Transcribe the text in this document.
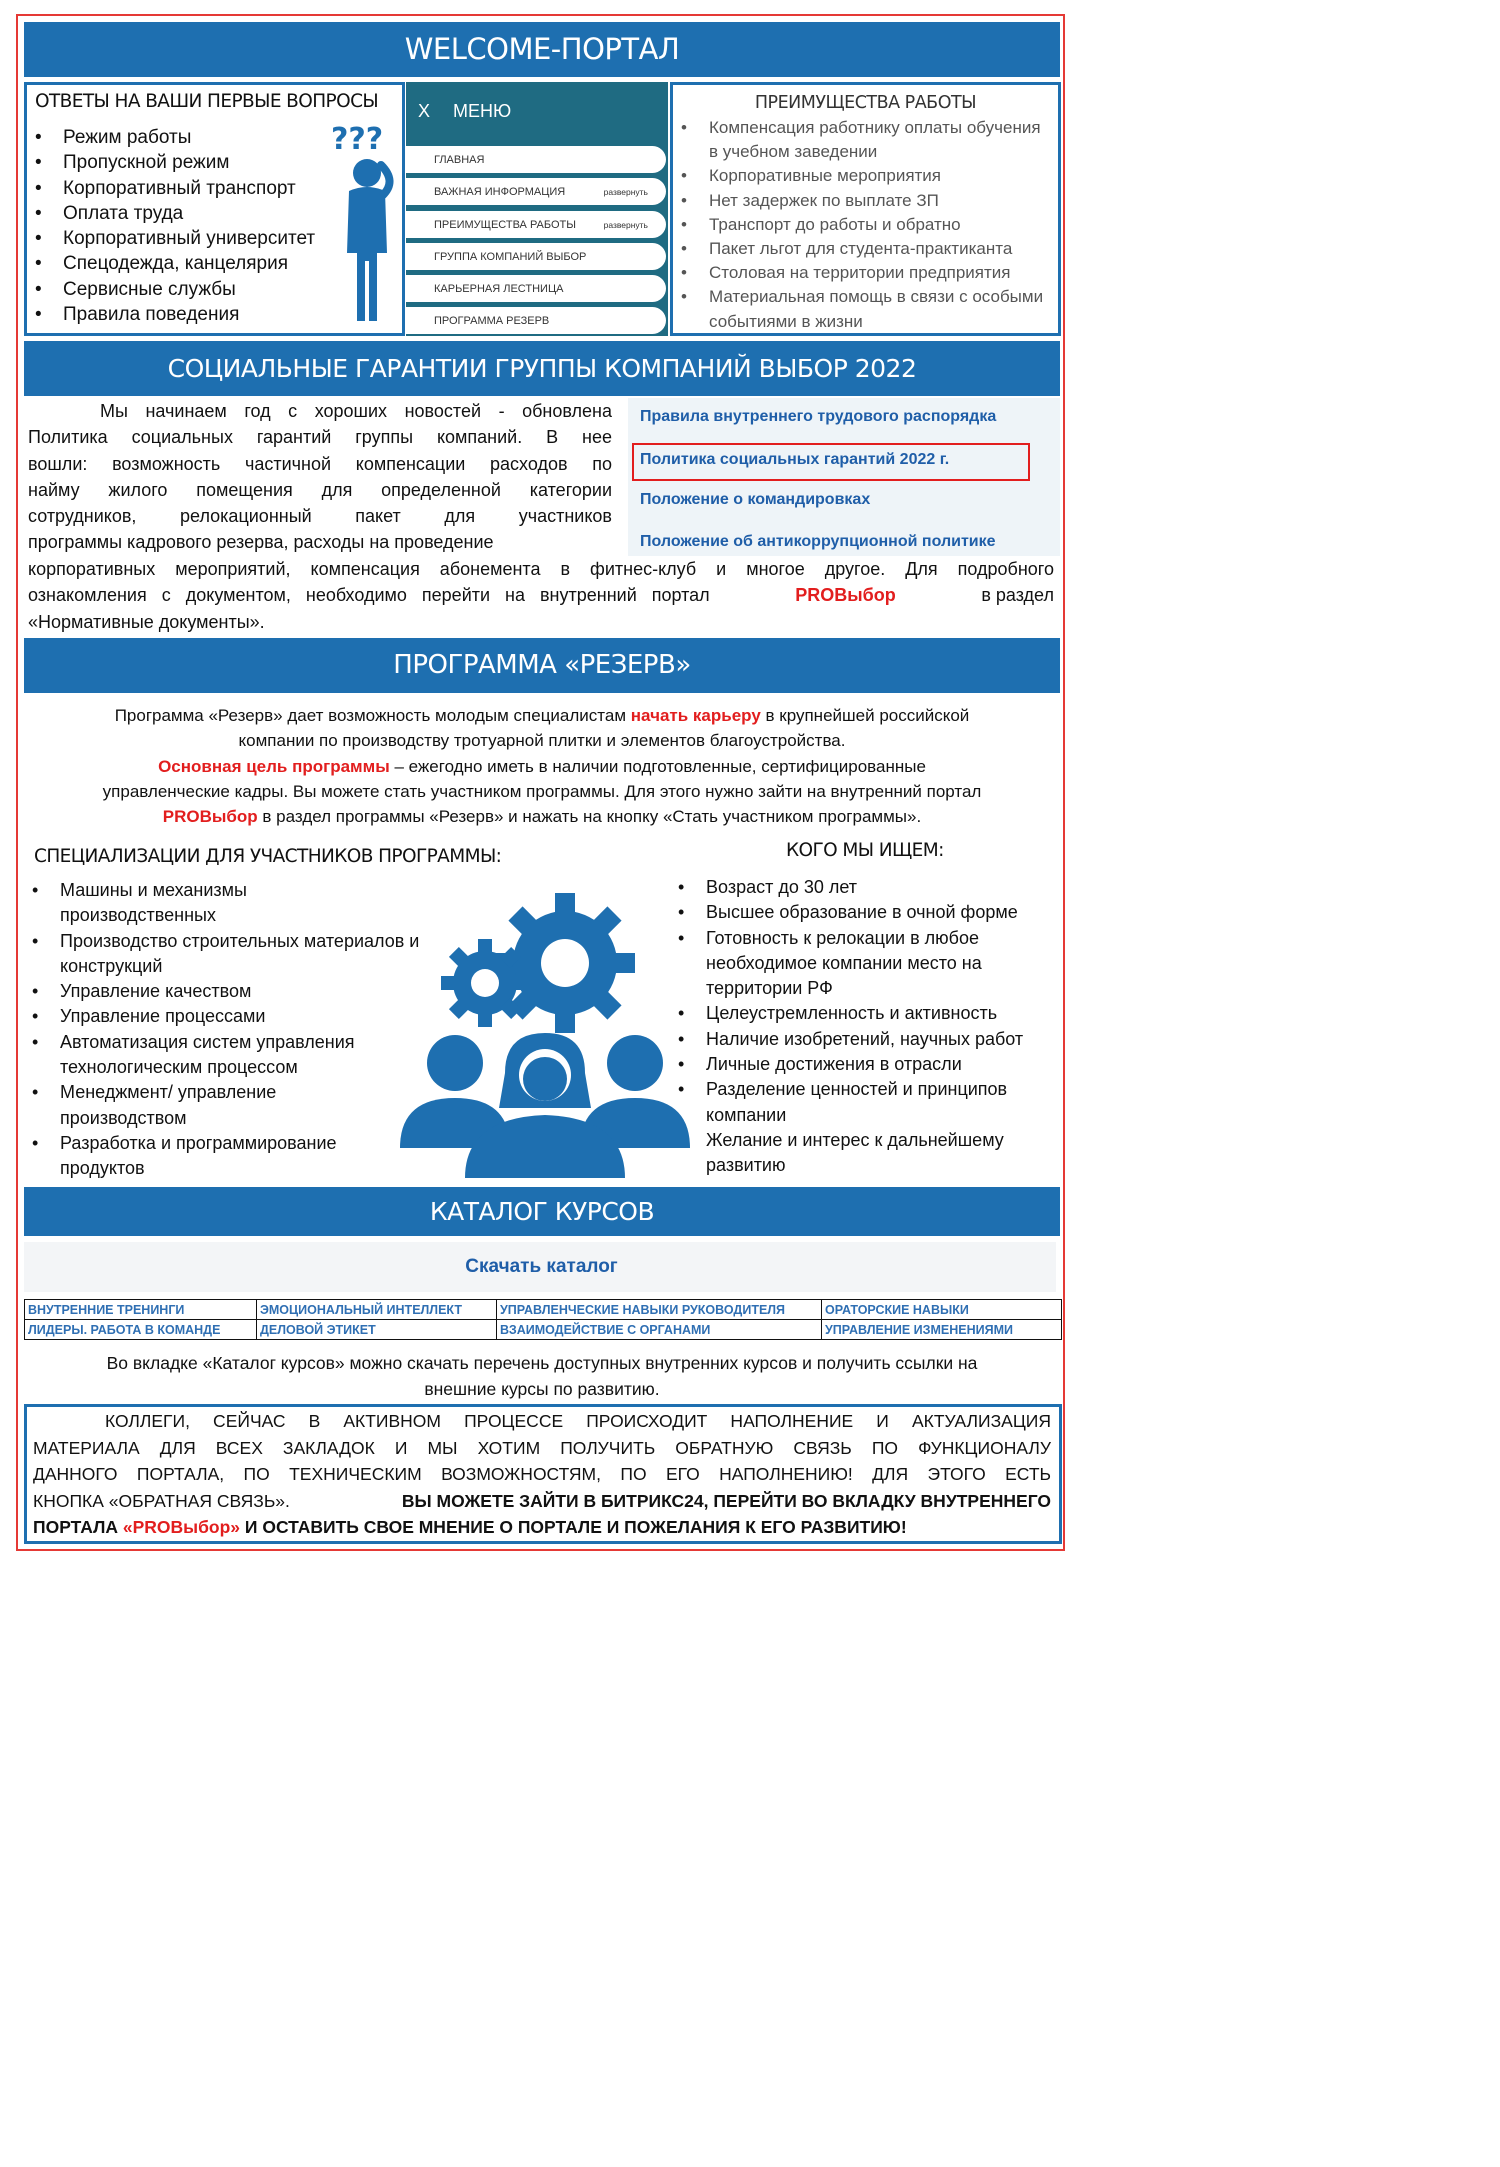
WELCOME-ПОРТАЛ
ОТВЕТЫ НА ВАШИ ПЕРВЫЕ ВОПРОСЫ
• Режим работы
• Пропускной режим
• Корпоративный транспорт
• Оплата труда
• Корпоративный университет
• Спецодежда, канцелярия
• Сервисные службы
• Правила поведения
???
X МЕНЮ
ГЛАВНАЯ
ВАЖНАЯ ИНФОРМАЦИЯ	развернуть
ПРЕИМУЩЕСТВА РАБОТЫ	развернуть
ГРУППА КОМПАНИЙ ВЫБОР
КАРЬЕРНАЯ ЛЕСТНИЦА
ПРОГРАММА РЕЗЕРВ
ПРЕИМУЩЕСТВА РАБОТЫ
• Компенсация работнику оплаты обучения в учебном заведении
• Корпоративные мероприятия
• Нет задержек по выплате ЗП
• Транспорт до работы и обратно
• Пакет льгот для студента-практиканта
• Столовая на территории предприятия
• Материальная помощь в связи с особыми событиями в жизни
СОЦИАЛЬНЫЕ ГАРАНТИИ ГРУППЫ КОМПАНИЙ ВЫБОР 2022
Мы начинаем год с хороших новостей - обновлена
Политика социальных гарантий группы компаний. В нее
вошли: возможность частичной компенсации расходов по
найму жилого помещения для определенной категории
сотрудников, релокационный пакет для участников
программы кадрового резерва, расходы на проведение
Правила внутреннего трудового распорядка
Политика социальных гарантий 2022 г.
Положение о командировках
Положение об антикоррупционной политике
корпоративных мероприятий, компенсация абонемента в фитнес-клуб и многое другое. Для подробного
ознакомления с документом, необходимо перейти на внутренний портал	PROВыбор	в раздел
«Нормативные документы».
ПРОГРАММА «РЕЗЕРВ»
Программа «Резерв» дает возможность молодым специалистам начать карьеру в крупнейшей российской
компании по производству тротуарной плитки и элементов благоустройства.
Основная цель программы – ежегодно иметь в наличии подготовленные, сертифицированные
управленческие кадры. Вы можете стать участником программы. Для этого нужно зайти на внутренний портал
PROВыбор в раздел программы «Резерв» и нажать на кнопку «Стать участником программы».
СПЕЦИАЛИЗАЦИИ ДЛЯ УЧАСТНИКОВ ПРОГРАММЫ:
• Машины и механизмы производственных
• Производство строительных материалов и конструкций
• Управление качеством
• Управление процессами
• Автоматизация систем управления технологическим процессом
• Менеджмент/ управление производством
• Разработка и программирование продуктов
КОГО МЫ ИЩЕМ:
• Возраст до 30 лет
• Высшее образование в очной форме
• Готовность к релокации в любое необходимое компании место на территории РФ
• Целеустремленность и активность
• Наличие изобретений, научных работ
• Личные достижения в отрасли
• Разделение ценностей и принципов компании
Желание и интерес к дальнейшему развитию
КАТАЛОГ КУРСОВ
Скачать каталог
ВНУТРЕННИЕ ТРЕНИНГИ	ЭМОЦИОНАЛЬНЫЙ ИНТЕЛЛЕКТ	УПРАВЛЕНЧЕСКИЕ НАВЫКИ РУКОВОДИТЕЛЯ	ОРАТОРСКИЕ НАВЫКИ
ЛИДЕРЫ. РАБОТА В КОМАНДЕ	ДЕЛОВОЙ ЭТИКЕТ	ВЗАИМОДЕЙСТВИЕ С ОРГАНАМИ	УПРАВЛЕНИЕ ИЗМЕНЕНИЯМИ
Во вкладке «Каталог курсов» можно скачать перечень доступных внутренних курсов и получить ссылки на
внешние курсы по развитию.
КОЛЛЕГИ, СЕЙЧАС В АКТИВНОМ ПРОЦЕССЕ ПРОИСХОДИТ НАПОЛНЕНИЕ И АКТУАЛИЗАЦИЯ
МАТЕРИАЛА ДЛЯ ВСЕХ ЗАКЛАДОК И МЫ ХОТИМ ПОЛУЧИТЬ ОБРАТНУЮ СВЯЗЬ ПО ФУНКЦИОНАЛУ
ДАННОГО ПОРТАЛА, ПО ТЕХНИЧЕСКИМ ВОЗМОЖНОСТЯМ, ПО ЕГО НАПОЛНЕНИЮ! ДЛЯ ЭТОГО ЕСТЬ
КНОПКА «ОБРАТНАЯ СВЯЗЬ».	ВЫ МОЖЕТЕ ЗАЙТИ В БИТРИКС24, ПЕРЕЙТИ ВО ВКЛАДКУ ВНУТРЕННЕГО
ПОРТАЛА «PROВыбор» И ОСТАВИТЬ СВОЕ МНЕНИЕ О ПОРТАЛЕ И ПОЖЕЛАНИЯ К ЕГО РАЗВИТИЮ!
